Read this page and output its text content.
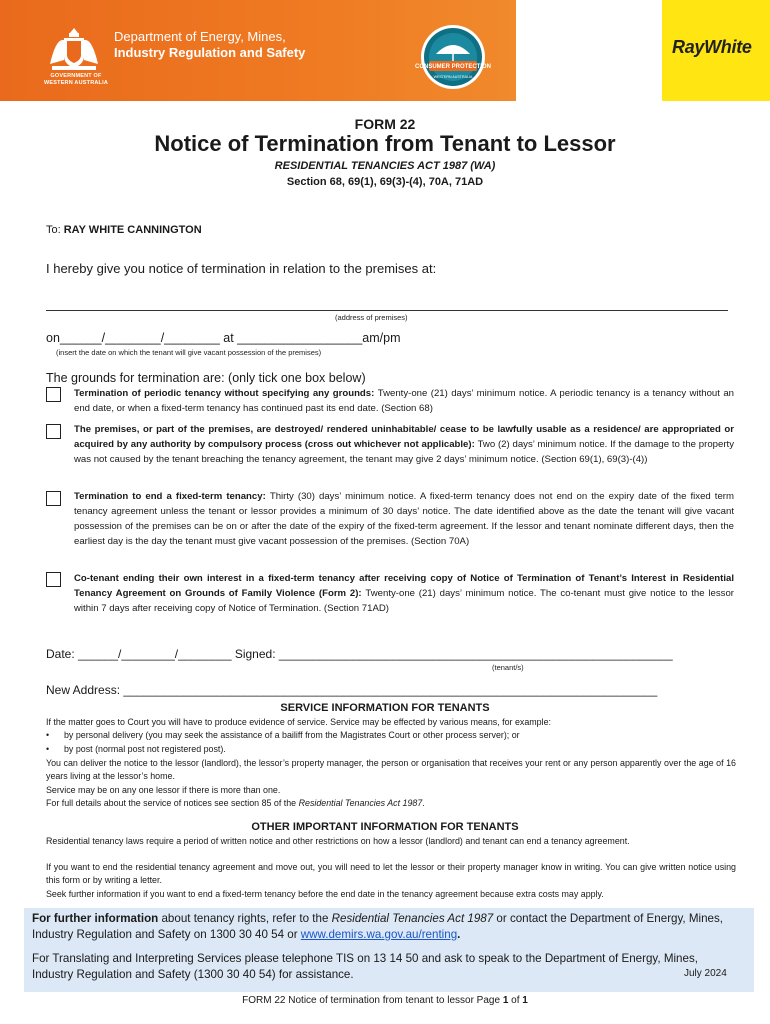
GOVERNMENT OF WESTERN AUSTRALIA
Department of Energy, Mines,
Industry Regulation and Safety
CONSUMER PROTECTION
WESTERN AUSTRALIA
RayWhite
FORM 22
Notice of Termination from Tenant to Lessor
RESIDENTIAL TENANCIES ACT 1987 (WA)
Section 68, 69(1), 69(3)-(4), 70A, 71AD
To: RAY WHITE CANNINGTON
I hereby give you notice of termination in relation to the premises at:
(address of premises)
on______/________/________ at __________________am/pm
(insert the date on which the tenant will give vacant possession of the premises)
The grounds for termination are: (only tick one box below)
Termination of periodic tenancy without specifying any grounds: Twenty-one (21) days’ minimum notice. A periodic tenancy is a tenancy without an end date, or when a fixed-term tenancy has continued past its end date. (Section 68)
The premises, or part of the premises, are destroyed/ rendered uninhabitable/ cease to be lawfully usable as a residence/ are appropriated or acquired by any authority by compulsory process (cross out whichever not applicable): Two (2) days’ minimum notice. If the damage to the property was not caused by the tenant breaching the tenancy agreement, the tenant may give 2 days’ minimum notice. (Section 69(1), 69(3)-(4))
Termination to end a fixed-term tenancy: Thirty (30) days’ minimum notice. A fixed-term tenancy does not end on the expiry date of the fixed term tenancy agreement unless the tenant or lessor provides a minimum of 30 days’ notice. The date identified above as the date the tenant will give vacant possession of the premises can be on or after the date of the expiry of the fixed-term agreement. If the lessor and tenant nominate different days, then the earliest day is the day the tenant must give vacant possession of the premises. (Section 70A)
Co-tenant ending their own interest in a fixed-term tenancy after receiving copy of Notice of Termination of Tenant’s Interest in Residential Tenancy Agreement on Grounds of Family Violence (Form 2): Twenty-one (21) days’ minimum notice. The co-tenant must give notice to the lessor within 7 days after receiving copy of Notice of Termination. (Section 71AD)
Date: ______/________/________ Signed: ___________________________________________________________
(tenant/s)
New Address: ________________________________________________________________________________
SERVICE INFORMATION FOR TENANTS
If the matter goes to Court you will have to produce evidence of service. Service may be effected by various means, for example:
• by personal delivery (you may seek the assistance of a bailiff from the Magistrates Court or other process server); or
• by post (normal post not registered post).
You can deliver the notice to the lessor (landlord), the lessor’s property manager, the person or organisation that receives your rent or any person apparently over the age of 16 years living at the lessor’s home.
Service may be on any one lessor if there is more than one.
For full details about the service of notices see section 85 of the Residential Tenancies Act 1987.
OTHER IMPORTANT INFORMATION FOR TENANTS
Residential tenancy laws require a period of written notice and other restrictions on how a lessor (landlord) and tenant can end a tenancy agreement.
If you want to end the residential tenancy agreement and move out, you will need to let the lessor or their property manager know in writing. You can give written notice using this form or by writing a letter.
Seek further information if you want to end a fixed-term tenancy before the end date in the tenancy agreement because extra costs may apply.
For further information about tenancy rights, refer to the Residential Tenancies Act 1987 or contact the Department of Energy, Mines, Industry Regulation and Safety on 1300 30 40 54 or www.demirs.wa.gov.au/renting.
For Translating and Interpreting Services please telephone TIS on 13 14 50 and ask to speak to the Department of Energy, Mines, Industry Regulation and Safety (1300 30 40 54) for assistance.	July 2024
FORM 22 Notice of termination from tenant to lessor Page 1 of 1
